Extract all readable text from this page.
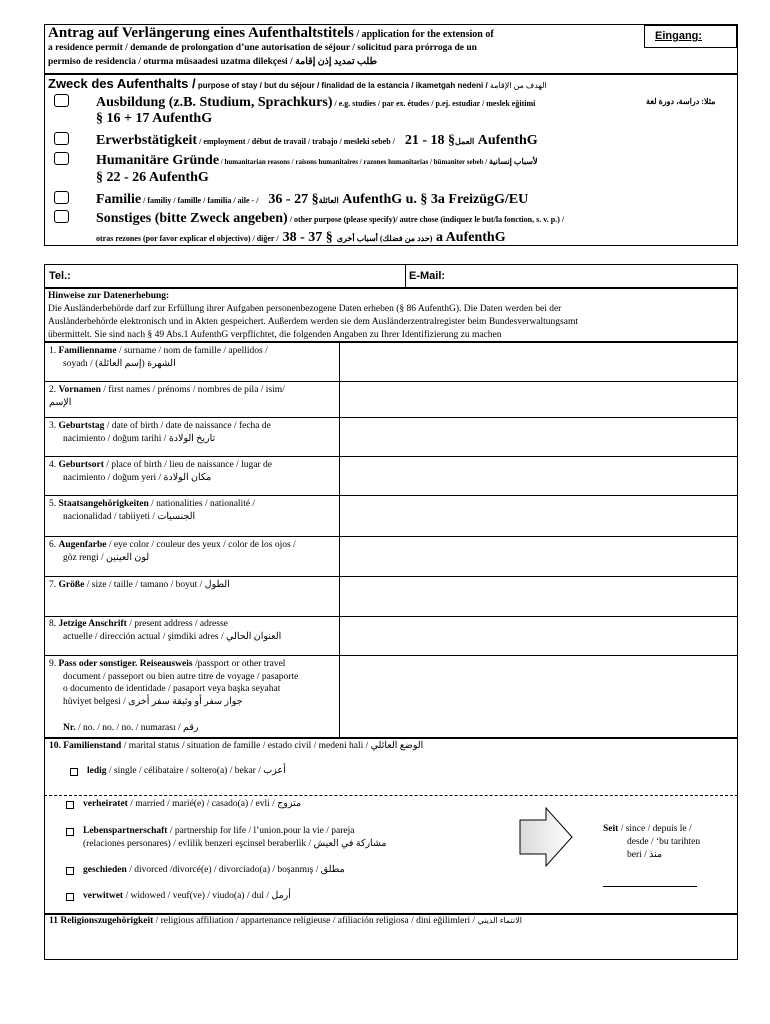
Antrag auf Verlängerung eines Aufenthaltstitels / application for the extension of
a residence permit / demande de prolongation d’une autorisation de séjour / solicitud para prórroga de un
permiso de residencia / oturma müsaadesi uzatma dilekçesi / طلب تمديد إذن إقامة
Eingang:
Zweck des Aufenthalts / purpose of stay / but du séjour / finalidad de la estancia / ikametgah nedeni / الهدف من الإقامة
Ausbildung (z.B. Studium, Sprachkurs) / e.g. studies / par ex. études / p.ej. estudiar / meslek eğitimi	مثلا: دراسة، دورة لغة
§ 16 + 17 AufenthG
Erwerbstätigkeit / employment / début de travail / trabajo / mesleki sebeb /	العمل§ 18 - 21 AufenthG
Humanitäre Gründe / humanitarian reasons / raisons humanitaires / razones humanitarias / hümaniter sebeb / لأسباب إنسانية
§ 22 - 26 AufenthG
Familie / familiy / famille / familia / aile - /	العائلة§ 27 - 36 AufenthG u. § 3a FreizügG/EU
Sonstiges (bitte Zweck angeben) / other purpose (please specify)/ autre chose (indiquez le but/la fonction, s. v. p.) /
otras rezones (por favor explicar el objectivo) / diğer /	(حدد من فضلك) أسباب أخرى § 37 - 38 a AufenthG
Tel.:	E-Mail:
Hinweise zur Datenerhebung:
Die Ausländerbehörde darf zur Erfüllung ihrer Aufgaben personenbezogene Daten erheben (§ 86 AufenthG). Die Daten werden bei der
Ausländerbehörde elektronisch und in Akten gespeichert. Außerdem werden sie dem Ausländerzentralregister beim Bundesverwaltungsamt
übermittelt. Sie sind nach § 49 Abs.1 AufenthG verpflichtet, die folgenden Angaben zu Ihrer Identifizierung zu machen
1. Familienname / surname / nom de famille / apellidos /
soyadı / الشهرة (إسم العائلة)
2. Vornamen / first names / prénoms / nombres de pila / isim/
الإسم
3. Geburtstag / date of birth / date de naissance / fecha de
nacimiento / doğum tarihi / تاريخ الولادة
4. Geburtsort / place of birth / lieu de naissance / lugar de
nacimiento / doğum yeri / مكان الولادة
5. Staatsangehörigkeiten / nationalities / nationalité /
nacionalidad / tabiiyeti / الجنسيات
6. Augenfarbe / eye color / couleur des yeux / color de los ojos /
göz rengi / لون العينين
7. Größe / size / taille / tamano / boyut / الطول
8. Jetzige Anschrift / present address / adresse
actuelle / dirección actual / şimdiki adres / العنوان الحالي
9. Pass oder sonstiger. Reiseausweis /passport or other travel
document / passeport ou bien autre titre de voyage / pasaporte
o documento de identidade / pasaport veya başka seyahat
hüviyet belgesi / جواز سفر أو وثيقة سفر أخرى
Nr. / no. / no. / no. / numarası / رقم
10. Familienstand / marital status / situation de famille / estado civil / medeni hali / الوضع العائلي
ledig / single / célibataire / soltero(a) / bekar / أعزب
verheiratet / married / marié(e) / casado(a) / evli / متزوج
Lebenspartnerschaft / partnership for life / l’union.pour la vie / pareja
(relaciones personares) / evlilik benzeri eşcinsel beraberlik / مشاركة في العيش
geschieden / divorced /divorcé(e) / divorciado(a) / boşanmış / مطلق
verwitwet / widowed / veuf(ve) / viudo(a) / dul / أرمل
Seit / since / depuis le /
desde / ‘bu tarihten
beri / منذ
11 Religionszugehörigkeit / religious affiliation / appartenance religieuse / afiliación religiosa / dini eğilimleri / الانتماء الديني
